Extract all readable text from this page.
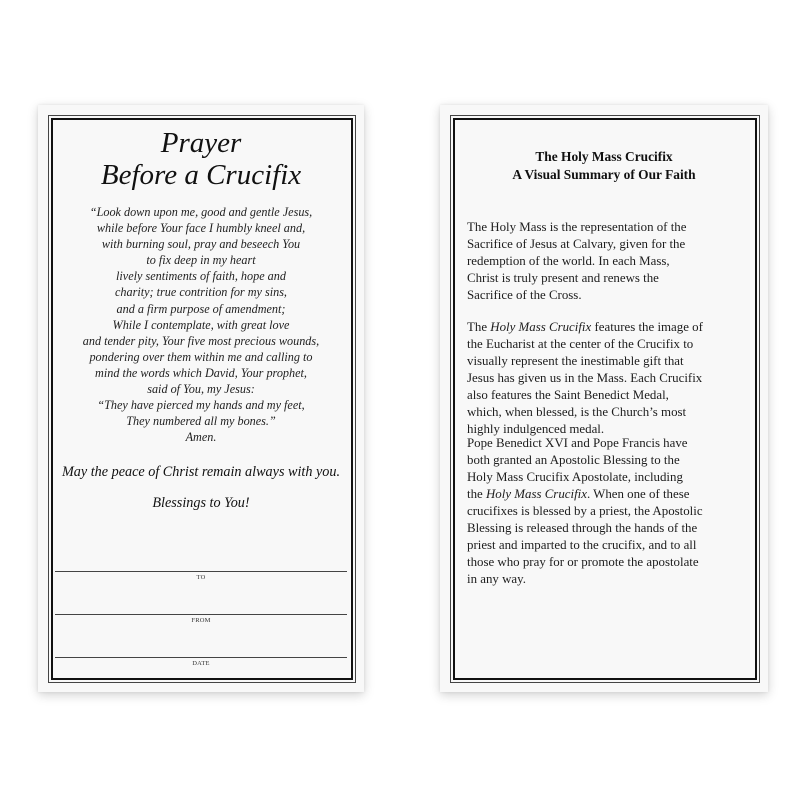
Prayer
Before a Crucifix
“Look down upon me, good and gentle Jesus,
while before Your face I humbly kneel and,
with burning soul, pray and beseech You
to fix deep in my heart
lively sentiments of faith, hope and
charity; true contrition for my sins,
and a firm purpose of amendment;
While I contemplate, with great love
and tender pity, Your five most precious wounds,
pondering over them within me and calling to
mind the words which David, Your prophet,
said of You, my Jesus:
“They have pierced my hands and my feet,
They numbered all my bones.”
Amen.
May the peace of Christ remain always with you.
Blessings to You!
TO
FROM
DATE
The Holy Mass Crucifix
A Visual Summary of Our Faith
The Holy Mass is the representation of the
Sacrifice of Jesus at Calvary, given for the
redemption of the world. In each Mass,
Christ is truly present and renews the
Sacrifice of the Cross.
The Holy Mass Crucifix features the image of
the Eucharist at the center of the Crucifix to
visually represent the inestimable gift that
Jesus has given us in the Mass. Each Crucifix
also features the Saint Benedict Medal,
which, when blessed, is the Church’s most
highly indulgenced medal.
Pope Benedict XVI and Pope Francis have
both granted an Apostolic Blessing to the
Holy Mass Crucifix Apostolate, including
the Holy Mass Crucifix. When one of these
crucifixes is blessed by a priest, the Apostolic
Blessing is released through the hands of the
priest and imparted to the crucifix, and to all
those who pray for or promote the apostolate
in any way.
